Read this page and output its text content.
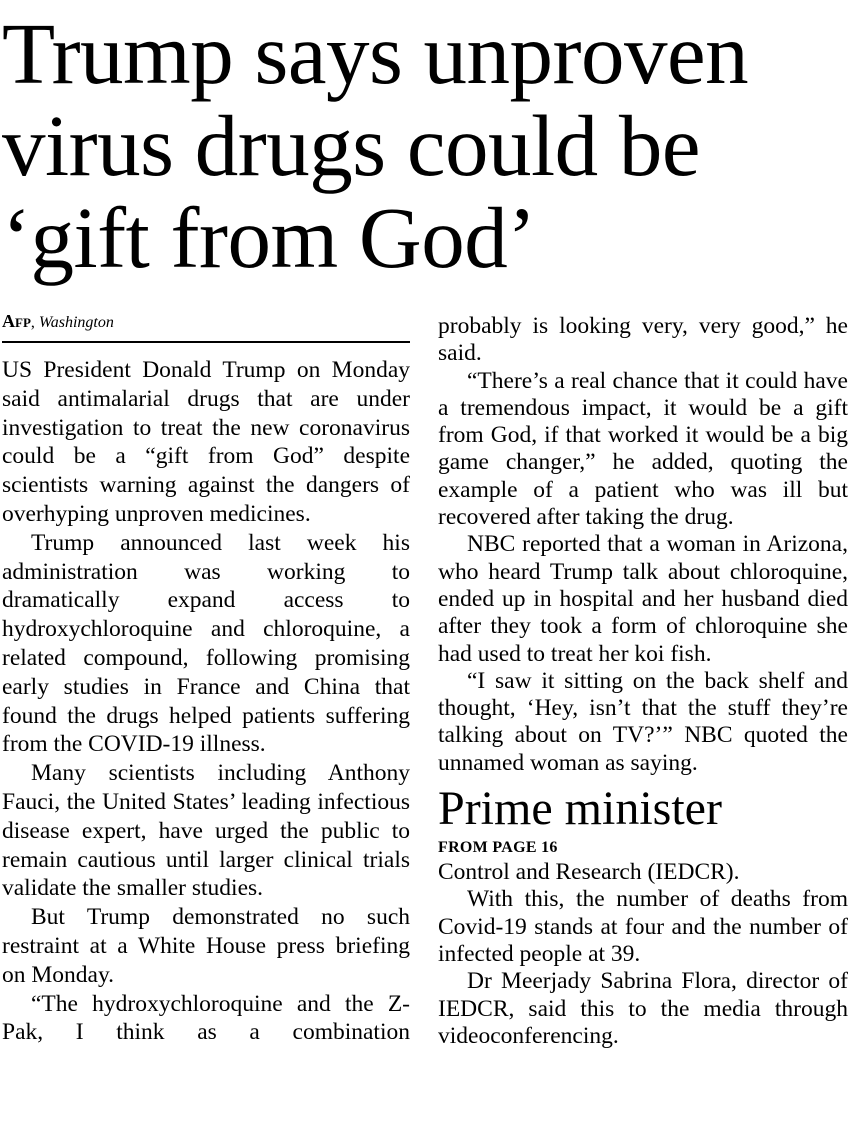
Trump says unproven
virus drugs could be
‘gift from God’
Afp, Washington

US President Donald Trump on Monday said antimalarial drugs that are under investigation to treat the new coronavirus could be a “gift from God” despite scientists warning against the dangers of overhyping unproven medicines.

Trump announced last week his administration was working to dramatically expand access to hydroxychloroquine and chloroquine, a related compound, following promising early studies in France and China that found the drugs helped patients suffering from the COVID-19 illness.

Many scientists including Anthony Fauci, the United States’ leading infectious disease expert, have urged the public to remain cautious until larger clinical trials validate the smaller studies.

But Trump demonstrated no such restraint at a White House press briefing on Monday.

“The hydroxychloroquine and the Z-Pak, I think as a combination

probably is looking very, very good,” he said.

“There’s a real chance that it could have a tremendous impact, it would be a gift from God, if that worked it would be a big game changer,” he added, quoting the example of a patient who was ill but recovered after taking the drug.

NBC reported that a woman in Arizona, who heard Trump talk about chloroquine, ended up in hospital and her husband died after they took a form of chloroquine she had used to treat her koi fish.

“I saw it sitting on the back shelf and thought, ‘Hey, isn’t that the stuff they’re talking about on TV?’” NBC quoted the unnamed woman as saying.

Prime minister
FROM PAGE 16

Control and Research (IEDCR).

With this, the number of deaths from Covid-19 stands at four and the number of infected people at 39.

Dr Meerjady Sabrina Flora, director of IEDCR, said this to the media through videoconferencing.
